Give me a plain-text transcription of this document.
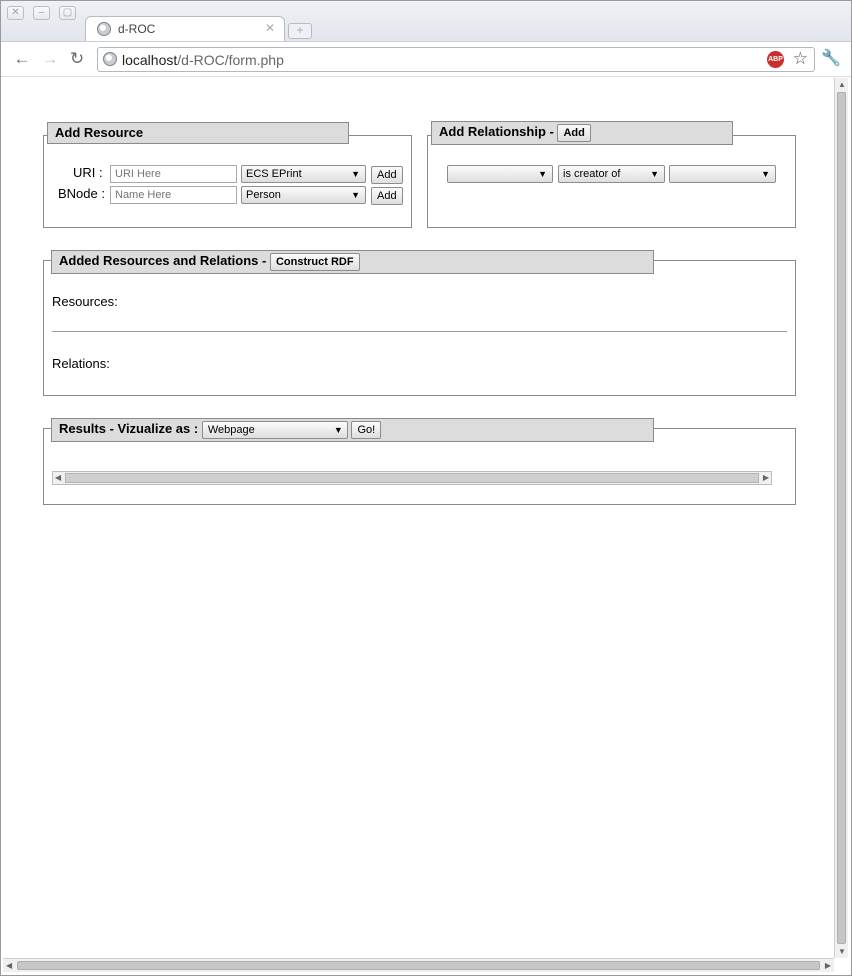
✕	–	▢
d-ROC	✕	+
← → ↻	localhost/d-ROC/form.php	ABP ☆ 🔧
Add Resource
URI :
URI Here	ECS EPrint	▼	Add
BNode :
Name Here	Person	▼	Add
Add Relationship - Add
▼	is creator of	▼	▼
Added Resources and Relations - Construct RDF
Resources:
Relations:
Results - Vizualize as : Webpage	▼ Go!
◀	▶
▲
▼
◀	▶
